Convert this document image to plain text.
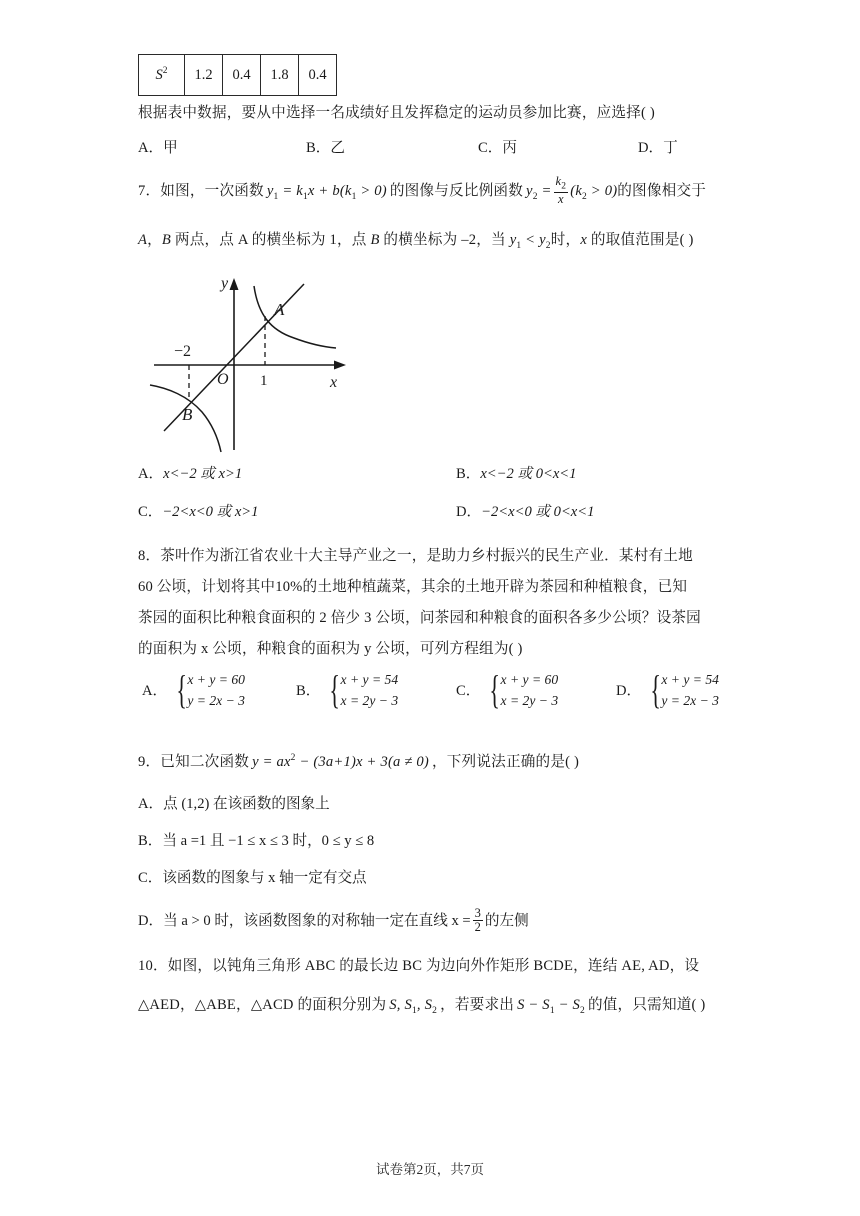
$S^2$	1.2	0.4	1.8	0.4

根据表中数据，要从中选择一名成绩好且发挥稳定的运动员参加比赛，应选择( )

A．甲	B．乙	C．丙	D．丁
7．如图，一次函数 $y_1 = k_1x + b(k_1 > 0)$ 的图像与反比例函数 $y_2 = \frac{k_2}{x} (k_2 > 0)$的图像相交于
A，B 两点，点 A 的横坐标为 1，点 B 的横坐标为 –2，当 $y_1 < y_2$时，x 的取值范围是( )
A
B
O 1
−2
y
x
A．x<−2 或 x>1	B．x<−2 或 0<x<1
C．−2<x<0 或 x>1	D．−2<x<0 或 0<x<1
8．茶叶作为浙江省农业十大主导产业之一，是助力乡村振兴的民生产业．某村有土地
60 公顷，计划将其中10%的土地种植蔬菜，其余的土地开辟为茶园和种植粮食，已知
茶园的面积比种粮食面积的 2 倍少 3 公顷，问茶园和种粮食的面积各多少公顷？设茶园
的面积为 x 公顷，种粮食的面积为 y 公顷，可列方程组为( )
A． { x + y = 60
y = 2x − 3
B． { x + y = 54
x = 2y − 3
C． { x + y = 60
x = 2y − 3
D． { x + y = 54
y = 2x − 3
9．已知二次函数 $y = ax^2 - (3a+1)x + 3(a \ne 0)$ ，下列说法正确的是( )
A．点 (1,2) 在该函数的图象上
B．当 a =1 且 −1 ≤ x ≤ 3 时，0 ≤ y ≤ 8
C．该函数的图象与 x 轴一定有交点
D．当 a > 0 时，该函数图象的对称轴一定在直线 $x = \frac{3}{2}$ 的左侧
10．如图，以钝角三角形 ABC 的最长边 BC 为边向外作矩形 BCDE，连结 AE, AD，设
△AED，△ABE，△ACD 的面积分别为 S, $S_1$, $S_2$ ，若要求出 $S - S_1 - S_2$ 的值，只需知道( )
试卷第2页，共7页
